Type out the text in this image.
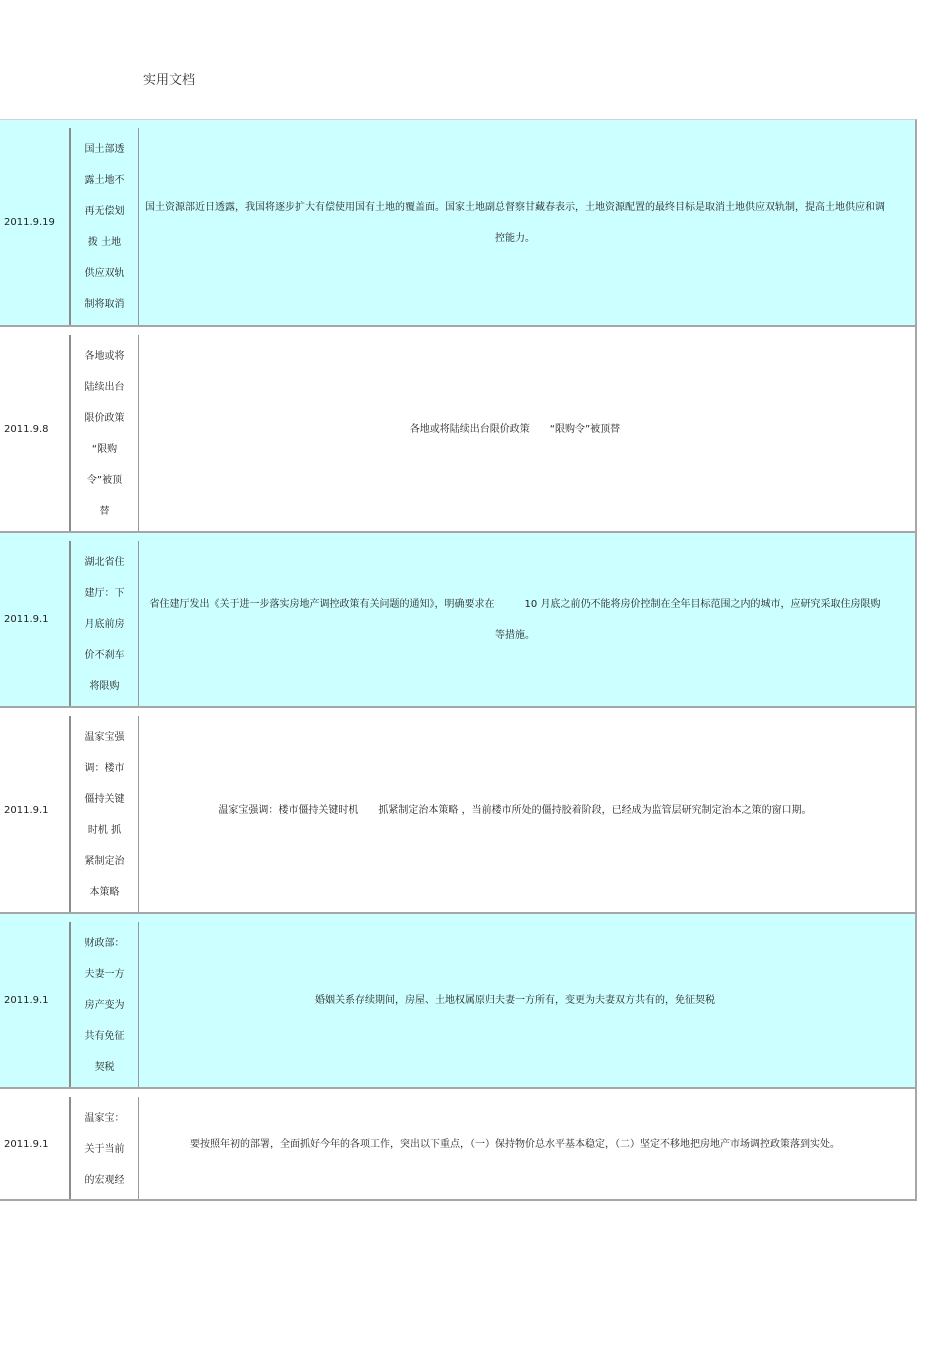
实用文档
2011.9.19
国土部透
露土地不
再无偿划
拨 土地
供应双轨
制将取消
国土资源部近日透露，我国将逐步扩大有偿使用国有土地的覆盖面。国家土地副总督察甘藏春表示，土地资源配置的最终目标是取消土地供应双轨制，提高土地供应和调控能力。
2011.9.8
各地或将
陆续出台
限价政策
“限购
令”被顶
替
各地或将陆续出台限价政策　　“限购令”被顶替
2011.9.1
湖北省住
建厅：下
月底前房
价不刹车
将限购
省住建厅发出《关于进一步落实房地产调控政策有关问题的通知》，明确要求在　　　10 月底之前仍不能将房价控制在全年目标范围之内的城市，应研究采取住房限购等措施。
2011.9.1
温家宝强
调：楼市
僵持关键
时机 抓
紧制定治
本策略
温家宝强调：楼市僵持关键时机　　抓紧制定治本策略 ，当前楼市所处的僵持胶着阶段，已经成为监管层研究制定治本之策的窗口期。
2011.9.1
财政部：
夫妻一方
房产变为
共有免征
契税
婚姻关系存续期间，房屋、土地权属原归夫妻一方所有，变更为夫妻双方共有的，免征契税
2011.9.1
温家宝：
关于当前
的宏观经
要按照年初的部署，全面抓好今年的各项工作，突出以下重点，（一）保持物价总水平基本稳定，（二）坚定不移地把房地产市场调控政策落到实处。
